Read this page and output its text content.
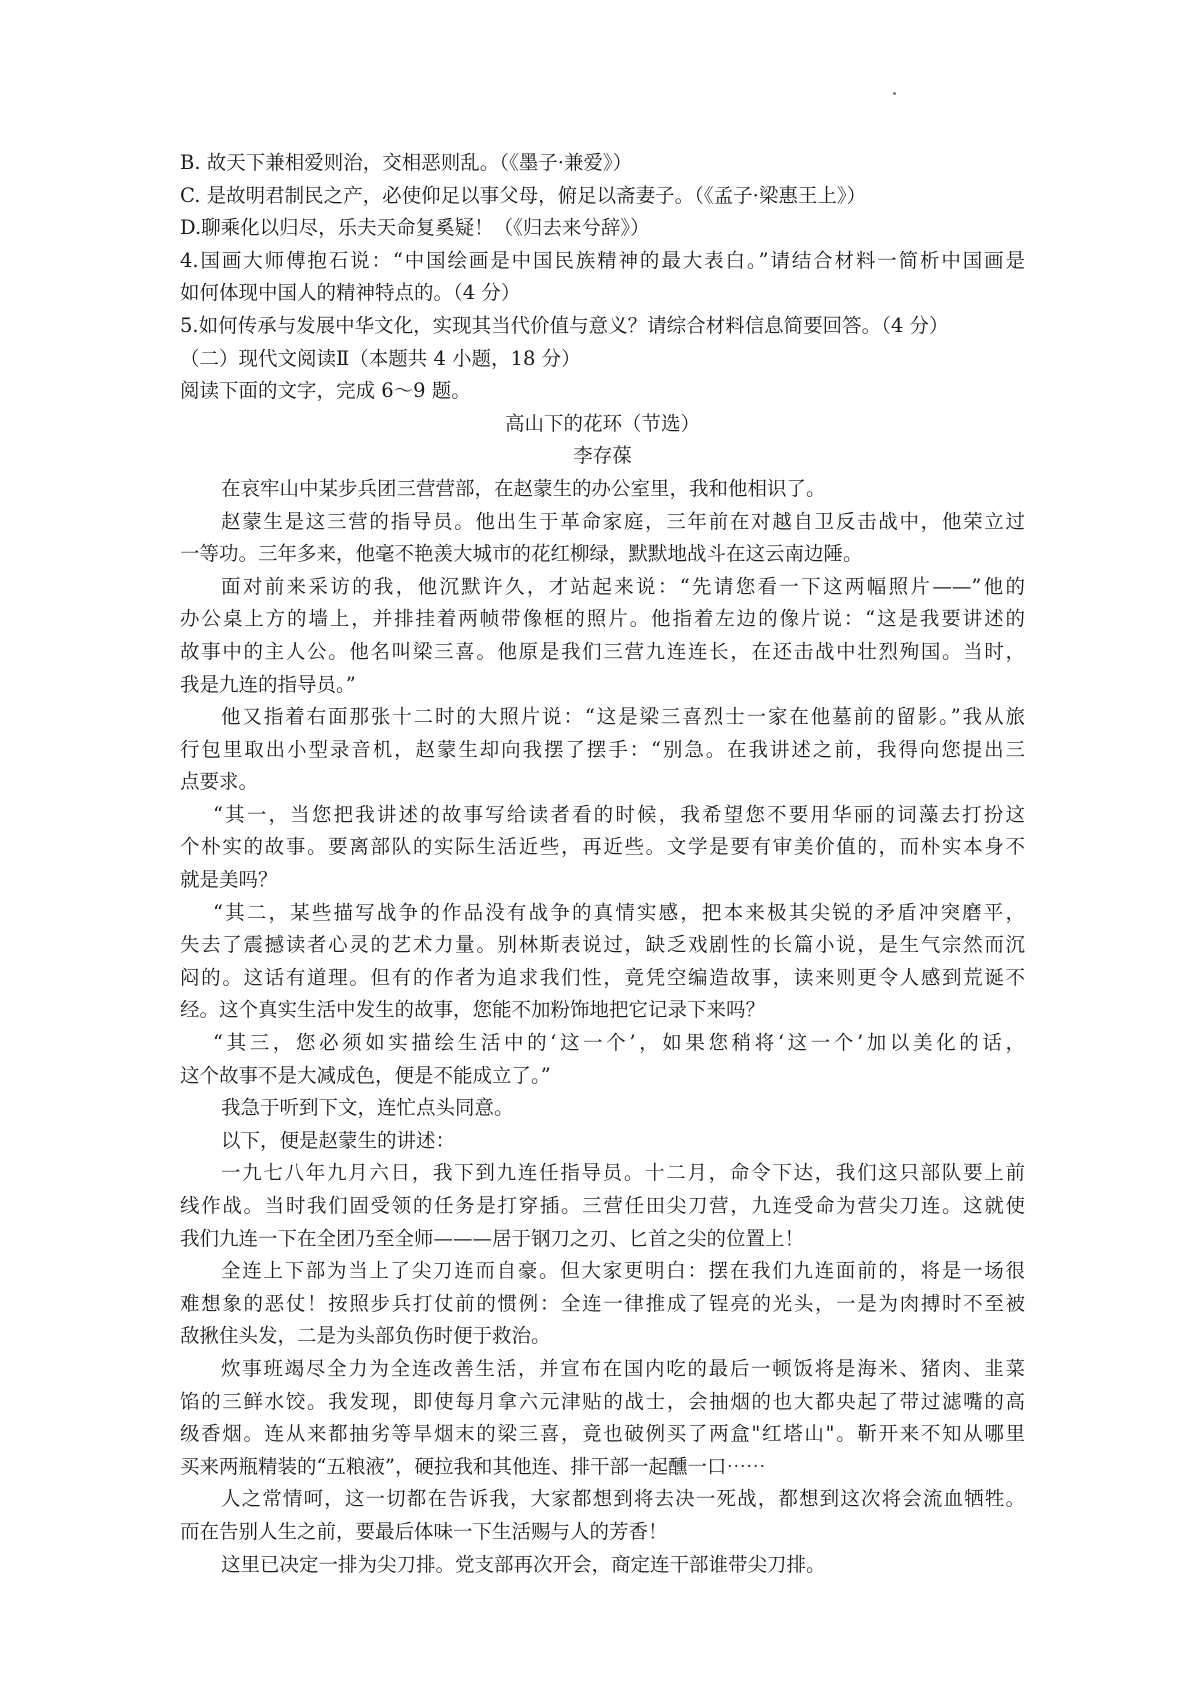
B. 故天下兼相爱则治，交相恶则乱。（《墨子·兼爱》）
C. 是故明君制民之产，必使仰足以事父母，俯足以斋妻子。（《孟子·梁惠王上》）
D.聊乘化以归尽，乐夫天命复奚疑！（《归去来兮辞》）
4.国画大师傅抱石说：“中国绘画是中国民族精神的最大表白。”请结合材料一简析中国画是
如何体现中国人的精神特点的。（4 分）
5.如何传承与发展中华文化，实现其当代价值与意义？请综合材料信息简要回答。（4 分）
（二）现代文阅读Ⅱ（本题共 4 小题，18 分）
阅读下面的文字，完成 6～9 题。
高山下的花环（节选）
李存葆
在哀牢山中某步兵团三营营部，在赵蒙生的办公室里，我和他相识了。
赵蒙生是这三营的指导员。他出生于革命家庭，三年前在对越自卫反击战中，他荣立过
一等功。三年多来，他毫不艳羡大城市的花红柳绿，默默地战斗在这云南边陲。
面对前来采访的我，他沉默许久，才站起来说：“先请您看一下这两幅照片——”他的
办公桌上方的墙上，并排挂着两帧带像框的照片。他指着左边的像片说：“这是我要讲述的
故事中的主人公。他名叫梁三喜。他原是我们三营九连连长，在还击战中壮烈殉国。当时，
我是九连的指导员。”
他又指着右面那张十二时的大照片说：“这是梁三喜烈士一家在他墓前的留影。”我从旅
行包里取出小型录音机，赵蒙生却向我摆了摆手：“别急。在我讲述之前，我得向您提出三
点要求。
“其一，当您把我讲述的故事写给读者看的时候，我希望您不要用华丽的词藻去打扮这
个朴实的故事。要离部队的实际生活近些，再近些。文学是要有审美价值的，而朴实本身不
就是美吗？
“其二，某些描写战争的作品没有战争的真情实感，把本来极其尖锐的矛盾冲突磨平，
失去了震撼读者心灵的艺术力量。别林斯表说过，缺乏戏剧性的长篇小说，是生气宗然而沉
闷的。这话有道理。但有的作者为追求我们性，竟凭空编造故事，读来则更令人感到荒诞不
经。这个真实生活中发生的故事，您能不加粉饰地把它记录下来吗？
“其三，您必须如实描绘生活中的‘这一个’，如果您稍将‘这一个’加以美化的话，
这个故事不是大减成色，便是不能成立了。”
我急于听到下文，连忙点头同意。
以下，便是赵蒙生的讲述：
一九七八年九月六日，我下到九连任指导员。十二月，命令下达，我们这只部队要上前
线作战。当时我们固受领的任务是打穿插。三营任田尖刀营，九连受命为营尖刀连。这就使
我们九连一下在全团乃至全师———居于钢刀之刃、匕首之尖的位置上！
全连上下部为当上了尖刀连而自豪。但大家更明白：摆在我们九连面前的，将是一场很
难想象的恶仗！按照步兵打仗前的惯例：全连一律推成了锃亮的光头，一是为肉搏时不至被
敌揪住头发，二是为头部负伤时便于救治。
炊事班竭尽全力为全连改善生活，并宣布在国内吃的最后一顿饭将是海米、猪肉、韭菜
馅的三鲜水饺。我发现，即使每月拿六元津贴的战士，会抽烟的也大都央起了带过滤嘴的高
级香烟。连从来都抽劣等旱烟末的梁三喜，竟也破例买了两盒"红塔山"。靳开来不知从哪里
买来两瓶精装的“五粮液”，硬拉我和其他连、排干部一起醺一口⋯⋯
人之常情呵，这一切都在告诉我，大家都想到将去决一死战，都想到这次将会流血牺牲。
而在告别人生之前，要最后体味一下生活赐与人的芳香！
这里已决定一排为尖刀排。党支部再次开会，商定连干部谁带尖刀排。
